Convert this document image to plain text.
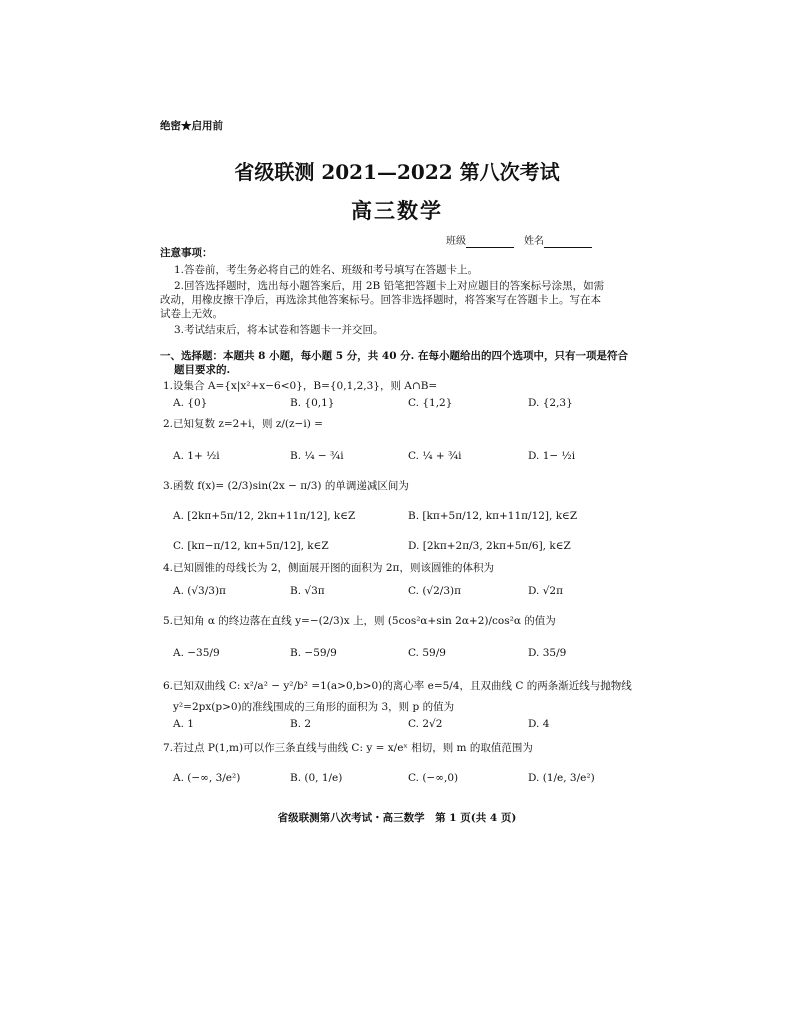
绝密★启用前
省级联测 2021—2022 第八次考试
高三数学
班级	姓名
注意事项：
1.答卷前，考生务必将自己的姓名、班级和考号填写在答题卡上。
2.回答选择题时，选出每小题答案后，用 2B 铅笔把答题卡上对应题目的答案标号涂黑，如需
改动，用橡皮擦干净后，再选涂其他答案标号。回答非选择题时，将答案写在答题卡上。写在本
试卷上无效。
3.考试结束后，将本试卷和答题卡一并交回。
一、选择题：本题共 8 小题，每小题 5 分，共 40 分. 在每小题给出的四个选项中，只有一项是符合
题目要求的.
1.设集合 A={x|x²+x−6<0}，B={0,1,2,3}，则 A∩B=
A. {0}	B. {0,1}	C. {1,2}	D. {2,3}
2.已知复数 z=2+i，则 z/(z−i) =
A. 1+ ½i	B. ¼ − ¾i	C. ¼ + ¾i	D. 1− ½i
3.函数 f(x)= (2/3)sin(2x − π/3) 的单调递减区间为
A. [2kπ+5π/12, 2kπ+11π/12], k∈Z	B. [kπ+5π/12, kπ+11π/12], k∈Z
C. [kπ−π/12, kπ+5π/12], k∈Z	D. [2kπ+2π/3, 2kπ+5π/6], k∈Z
4.已知圆锥的母线长为 2，侧面展开图的面积为 2π，则该圆锥的体积为
A. (√3/3)π	B. √3π	C. (√2/3)π	D. √2π
5.已知角 α 的终边落在直线 y=−(2/3)x 上，则 (5cos²α+sin 2α+2)/cos²α 的值为
A. −35/9	B. −59/9	C. 59/9	D. 35/9
6.已知双曲线 C: x²/a² − y²/b² =1(a>0,b>0)的离心率 e=5/4，且双曲线 C 的两条渐近线与抛物线
y²=2px(p>0)的准线围成的三角形的面积为 3，则 p 的值为
A. 1	B. 2	C. 2√2	D. 4
7.若过点 P(1,m)可以作三条直线与曲线 C: y = x/eˣ 相切，则 m 的取值范围为
A. (−∞, 3/e²)	B. (0, 1/e)	C. (−∞,0)	D. (1/e, 3/e²)
省级联测第八次考试・高三数学　第 1 页(共 4 页)
